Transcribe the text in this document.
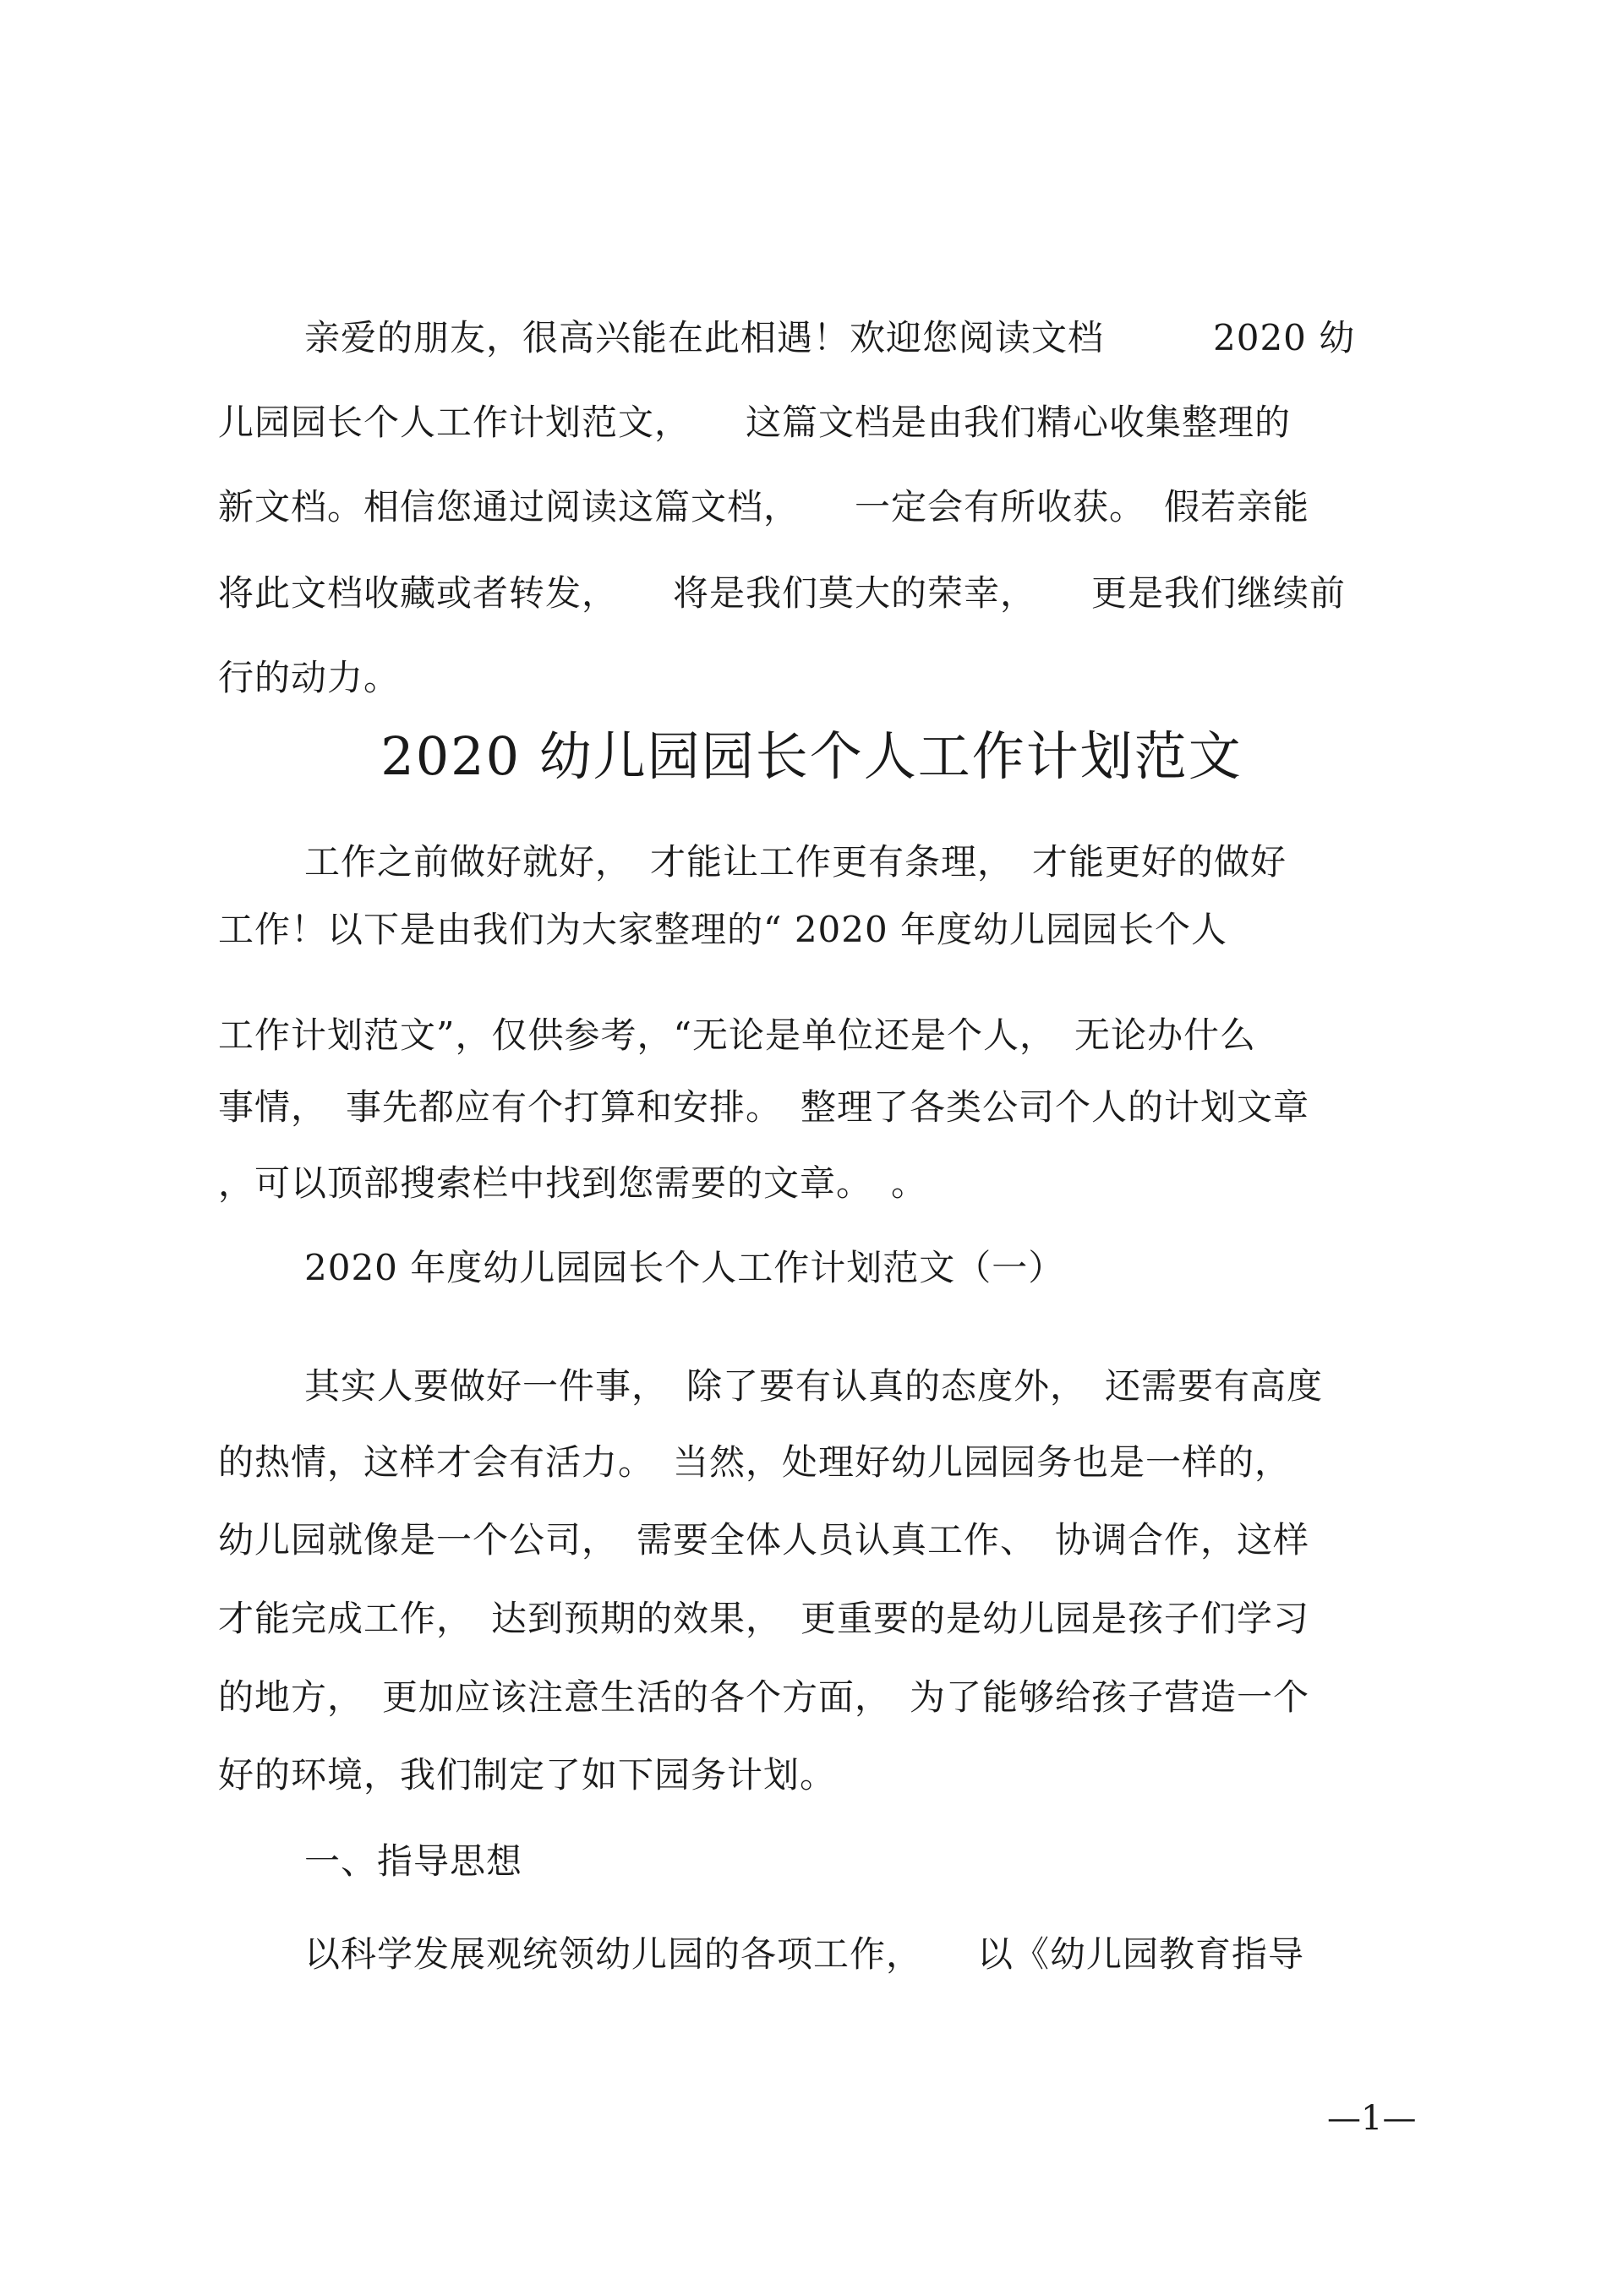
亲爱的朋友，很高兴能在此相遇！欢迎您阅读文档　　　2020 幼

儿园园长个人工作计划范文，　　这篇文档是由我们精心收集整理的

新文档。相信您通过阅读这篇文档，　　一定会有所收获。　假若亲能

将此文档收藏或者转发，　　将是我们莫大的荣幸，　　更是我们继续前

行的动力。

2020 幼儿园园长个人工作计划范文

工作之前做好就好，　才能让工作更有条理，　才能更好的做好

工作！以下是由我们为大家整理的“ 2020 年度幼儿园园长个人

工作计划范文”，仅供参考，“无论是单位还是个人，　无论办什么

事情，　事先都应有个打算和安排。　整理了各类公司个人的计划文章

，可以顶部搜索栏中找到您需要的文章。　。

2020 年度幼儿园园长个人工作计划范文（一）

其实人要做好一件事，　除了要有认真的态度外，　还需要有高度

的热情，这样才会有活力。　当然，处理好幼儿园园务也是一样的，

幼儿园就像是一个公司，　需要全体人员认真工作、　协调合作，这样

才能完成工作，　达到预期的效果，　更重要的是幼儿园是孩子们学习

的地方，　更加应该注意生活的各个方面，　为了能够给孩子营造一个

好的环境，我们制定了如下园务计划。

一、指导思想

以科学发展观统领幼儿园的各项工作，　　以《幼儿园教育指导

—1—
